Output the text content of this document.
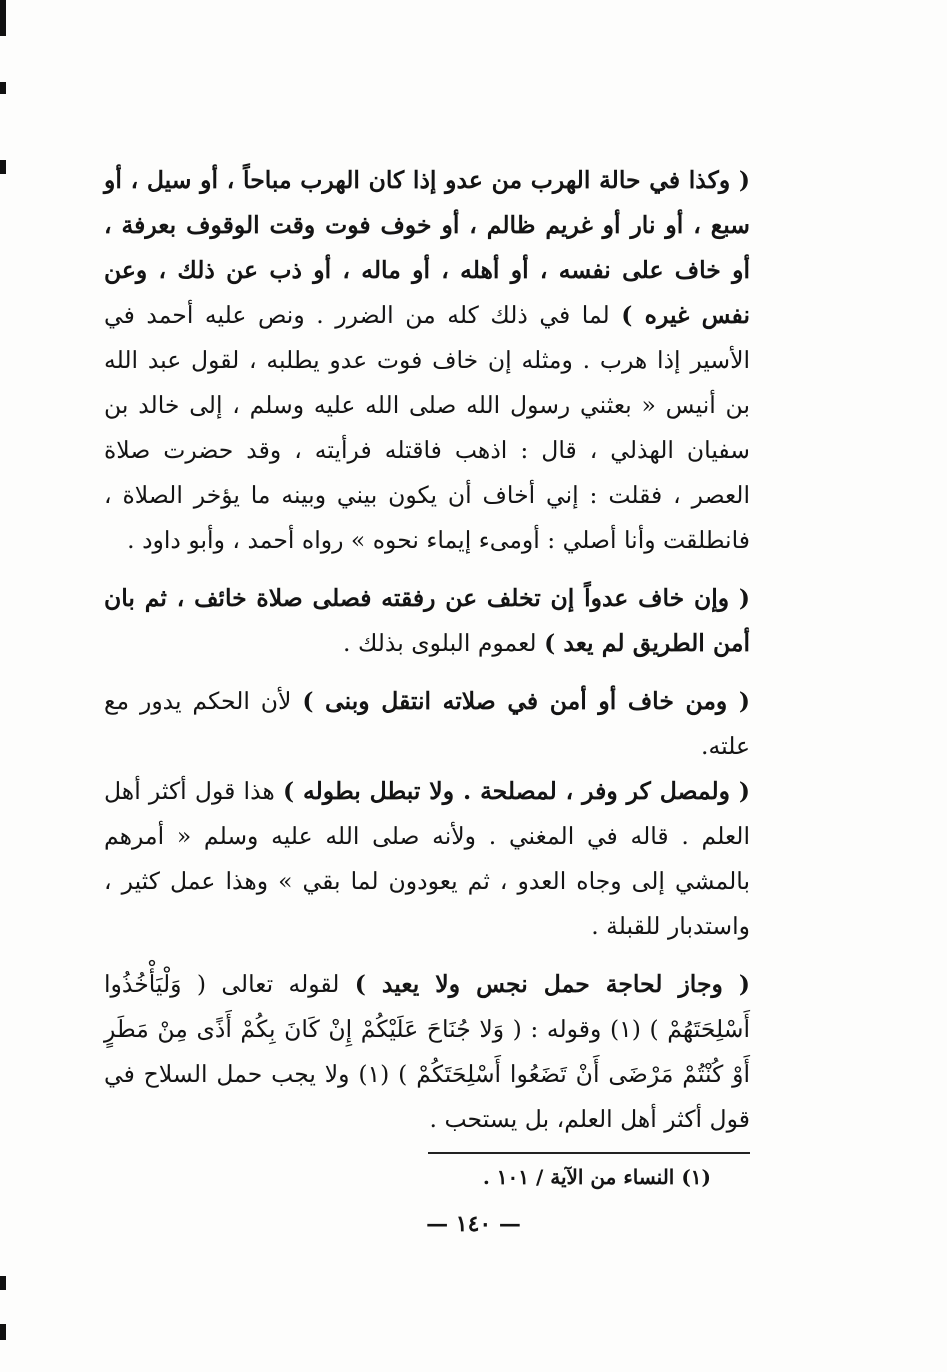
( وكذا في حالة الهرب من عدو إذا كان الهرب مباحاً ، أو سيل ، أو سبع ، أو نار أو غريم ظالم ، أو خوف فوت وقت الوقوف بعرفة ، أو خاف على نفسه ، أو أهله ، أو ماله ، أو ذب عن ذلك ، وعن نفس غيره ) لما في ذلك كله من الضرر . ونص عليه أحمد في الأسير إذا هرب . ومثله إن خاف فوت عدو يطلبه ، لقول عبد الله بن أنيس « بعثني رسول الله صلى الله عليه وسلم ، إلى خالد بن سفيان الهذلي ، قال : اذهب فاقتله فرأيته ، وقد حضرت صلاة العصر ، فقلت : إني أخاف أن يكون بيني وبينه ما يؤخر الصلاة ، فانطلقت وأنا أصلي : أومىء إيماء نحوه » رواه أحمد ، وأبو داود .

( وإن خاف عدواً إن تخلف عن رفقته فصلى صلاة خائف ، ثم بان أمن الطريق لم يعد ) لعموم البلوى بذلك .

( ومن خاف أو أمن في صلاته انتقل وبنى ) لأن الحكم يدور مع علته.

( ولمصل كر وفر ، لمصلحة . ولا تبطل بطوله ) هذا قول أكثر أهل العلم . قاله في المغني . ولأنه صلى الله عليه وسلم « أمرهم بالمشي إلى وجاه العدو ، ثم يعودون لما بقي » وهذا عمل كثير ، واستدبار للقبلة .

( وجاز لحاجة حمل نجس ولا يعيد ) لقوله تعالى ( وَلْيَأْخُذُوا أَسْلِحَتَهُمْ ) (١) وقوله : ( وَلا جُنَاحَ عَلَيْكُمْ إِنْ كَانَ بِكُمْ أَذًى مِنْ مَطَرٍ أَوْ كُنْتُمْ مَرْضَى أَنْ تَضَعُوا أَسْلِحَتَكُمْ ) (١) ولا يجب حمل السلاح في قول أكثر أهل العلم، بل يستحب .

(١) النساء من الآية / ١٠١ .
— ١٤٠ —
